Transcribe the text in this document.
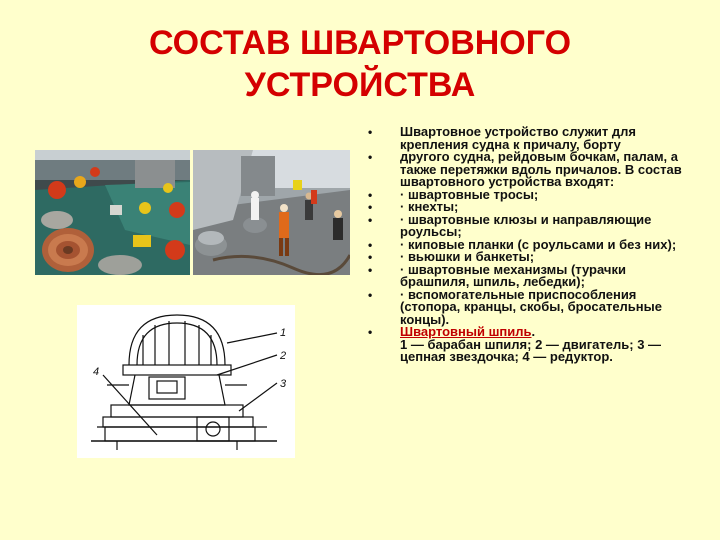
СОСТАВ ШВАРТОВНОГО
УСТРОЙСТВА
1
2
3
4
• Швартовное устройство служит для крепления судна к причалу, борту
• другого судна, рейдовым бочкам, палам, а также перетяжки вдоль причалов. В состав швартовного устройства входят:
• · швартовные тросы;
• · кнехты;
• · швартовные клюзы и направляющие роульсы;
• · киповые планки (с роульсами и без них);
• · вьюшки и банкеты;
• · швартовные механизмы (турачки брашпиля, шпиль, лебедки);
• · вспомогательные приспособления (стопора, кранцы, скобы, бросательные концы).
• Швартовный шпиль.
1 — барабан шпиля; 2 — двигатель; 3 — цепная звездочка; 4 — редуктор.
